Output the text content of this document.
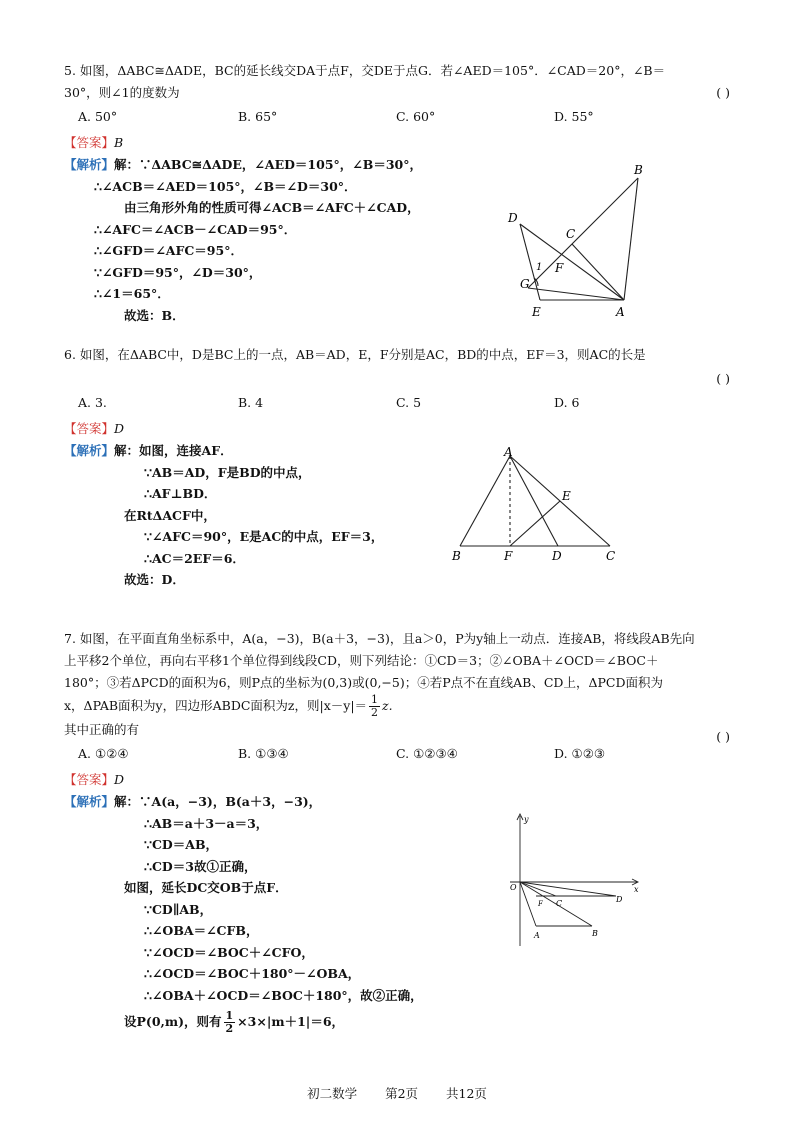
5. 如图，ΔABC≅ΔADE，BC的延长线交DA于点F，交DE于点G．若∠AED＝105°．∠CAD＝20°，∠B＝

30°，则∠1的度数为	( )
A. 50°	B. 65°	C. 60°	D. 55°
【答案】B
【解析】解：∵ΔABC≅ΔADE，∠AED＝105°，∠B＝30°，
∴∠ACB＝∠AED＝105°，∠B＝∠D＝30°．
由三角形外角的性质可得∠ACB＝∠AFC＋∠CAD，
∴∠AFC＝∠ACB－∠CAD＝95°．
∴∠GFD＝∠AFC＝95°．
∵∠GFD＝95°，∠D＝30°，
∴∠1＝65°．
故选：B．
B
D
C
1 F
G
E	A

6. 如图，在ΔABC中，D是BC上的一点，AB＝AD，E，F分别是AC，BD的中点，EF＝3，则AC的长是

( )
A. 3.	B. 4	C. 5	D. 6
【答案】D
【解析】解：如图，连接AF．
∵AB＝AD，F是BD的中点，
∴AF⊥BD．
在RtΔACF中，
∵∠AFC＝90°，E是AC的中点，EF＝3，
∴AC＝2EF＝6．
故选：D．
A
E
B	F	D	C

7. 如图，在平面直角坐标系中，A(a，−3)，B(a＋3，−3)，且a＞0，P为y轴上一动点．连接AB，将线段AB先向

上平移2个单位，再向右平移1个单位得到线段CD，则下列结论：①CD＝3；②∠OBA＋∠OCD＝∠BOC＋

180°；③若ΔPCD的面积为6，则P点的坐标为(0,3)或(0,−5)；④若P点不在直线AB、CD上，ΔPCD面积为

x，ΔPAB面积为y，四边形ABDC面积为z，则$|x-y|= \frac{1}{2} z$.

其中正确的有	( )
A. ①②④	B. ①③④	C. ①②③④	D. ①②③
【答案】D
【解析】解：∵A(a，−3)，B(a＋3，−3)，
∴AB＝a＋3－a＝3，
∵CD＝AB，
∴CD＝3故①正确，
如图，延长DC交OB于点F．
∵CD∥AB，
∴∠OBA＝∠CFB，
∵∠OCD＝∠BOC＋∠CFO，
∴∠OCD＝∠BOC＋180°－∠OBA，
∴∠OBA＋∠OCD＝∠BOC＋180°，故②正确，
设P(0,m)，则有 $\frac{1}{2} \times 3\times|m+1|=6$，
y
x
O
F C	D
A	B
初二数学 第2页 共12页
